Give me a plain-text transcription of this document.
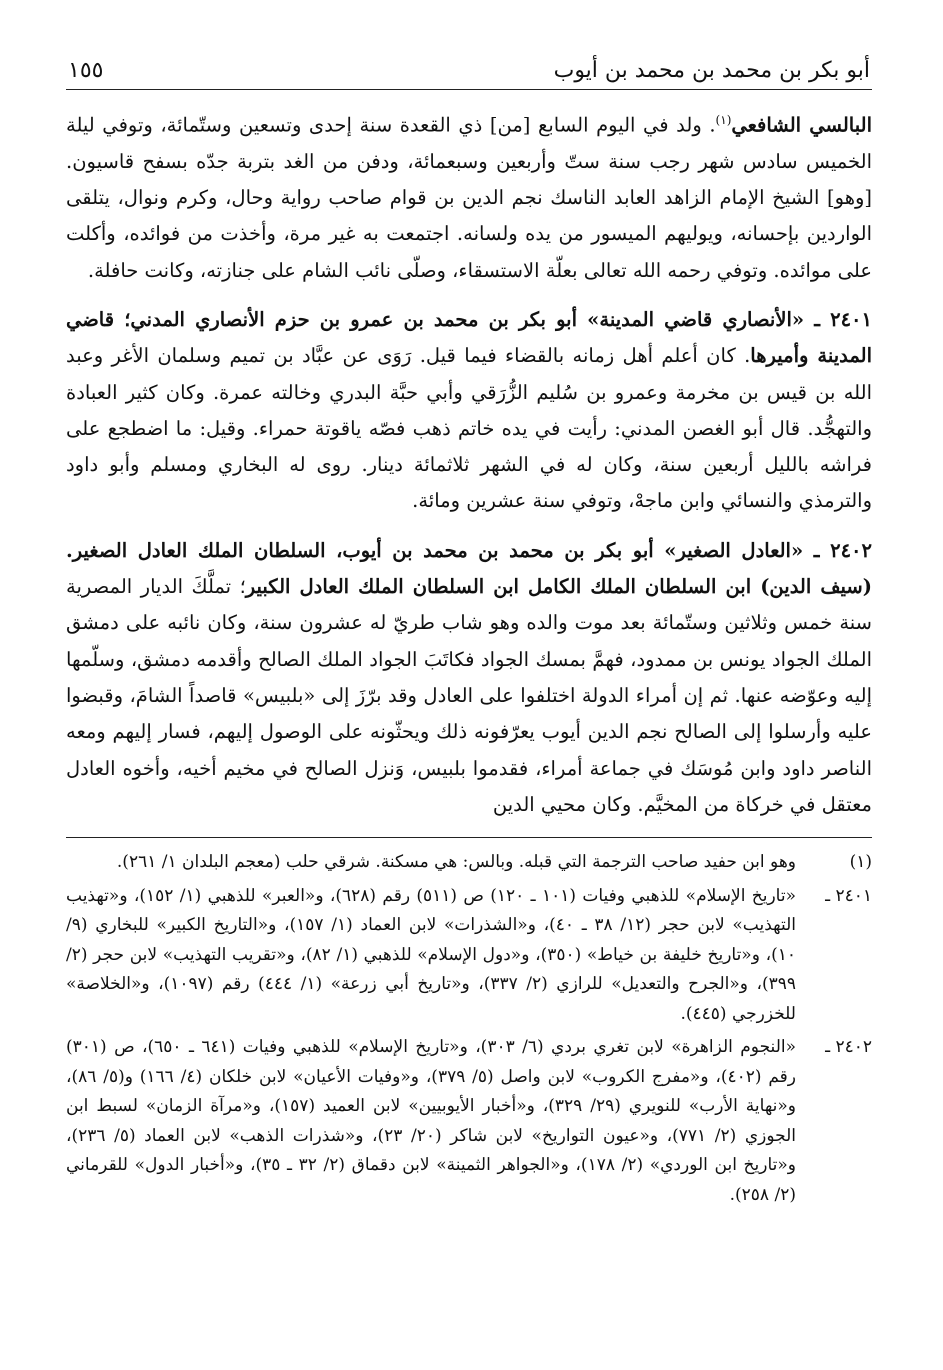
أبو بكر بن محمد بن محمد بن أيوب
١٥٥

البالسي الشافعي$^{(١)}$. ولد في اليوم السابع [من] ذي القعدة سنة إحدى وتسعين وستّمائة، وتوفي ليلة الخميس سادس شهر رجب سنة ستّ وأربعين وسبعمائة، ودفن من الغد بتربة جدّه بسفح قاسيون. [وهو] الشيخ الإمام الزاهد العابد الناسك نجم الدين بن قوام صاحب رواية وحال، وكرم ونوال، يتلقى الواردين بإحسانه، ويوليهم الميسور من يده ولسانه. اجتمعت به غير مرة، وأخذت من فوائده، وأكلت على موائده. وتوفي رحمه الله تعالى بعلّة الاستسقاء، وصلّى نائب الشام على جنازته، وكانت حافلة.

٢٤٠١ ـ «الأنصاري قاضي المدينة» أبو بكر بن محمد بن عمرو بن حزم الأنصاري المدني؛ قاضي المدينة وأميرها. كان أعلم أهل زمانه بالقضاء فيما قيل. رَوَى عن عبَّاد بن تميم وسلمان الأغر وعبد الله بن قيس بن مخرمة وعمرو بن سُليم الزُّرَقي وأبي حبَّة البدري وخالته عمرة. وكان كثير العبادة والتهجُّد. قال أبو الغصن المدني: رأيت في يده خاتم ذهب فصّه ياقوتة حمراء. وقيل: ما اضطجع على فراشه بالليل أربعين سنة، وكان له في الشهر ثلاثمائة دينار. روى له البخاري ومسلم وأبو داود والترمذي والنسائي وابن ماجهْ، وتوفي سنة عشرين ومائة.

٢٤٠٢ ـ «العادل الصغير» أبو بكر بن محمد بن محمد بن أيوب، السلطان الملك العادل الصغير. (سيف الدين) ابن السلطان الملك الكامل ابن السلطان الملك العادل الكبير؛ تملَّكَ الديار المصرية سنة خمس وثلاثين وستّمائة بعد موت والده وهو شاب طريّ له عشرون سنة، وكان نائبه على دمشق الملك الجواد يونس بن ممدود، فهمَّ بمسك الجواد فكاتَبَ الجواد الملك الصالح وأقدمه دمشق، وسلّمها إليه وعوّضه عنها. ثم إن أمراء الدولة اختلفوا على العادل وقد برّزَ إلى «بلبيس» قاصداً الشامَ، وقبضوا عليه وأرسلوا إلى الصالح نجم الدين أيوب يعرّفونه ذلك ويحثّونه على الوصول إليهم، فسار إليهم ومعه الناصر داود وابن مُوسَك في جماعة أمراء، فقدموا بلبيس، وَنزل الصالح في مخيم أخيه، وأخوه العادل معتقل في خركاة من المخيَّم. وكان محيي الدين

(١)
وهو ابن حفيد صاحب الترجمة التي قبله. وبالس: هي مسكنة. شرقي حلب (معجم البلدان ١/ ٢٦١).
٢٤٠١ ـ
«تاريخ الإسلام» للذهبي وفيات (١٠١ ـ ١٢٠) ص (٥١١) رقم (٦٢٨)، و«العبر» للذهبي (١/ ١٥٢)، و«تهذيب التهذيب» لابن حجر (١٢/ ٣٨ ـ ٤٠)، و«الشذرات» لابن العماد (١/ ١٥٧)، و«التاريخ الكبير» للبخاري (٩/ ١٠)، و«تاريخ خليفة بن خياط» (٣٥٠)، و«دول الإسلام» للذهبي (١/ ٨٢)، و«تقريب التهذيب» لابن حجر (٢/ ٣٩٩)، و«الجرح والتعديل» للرازي (٢/ ٣٣٧)، و«تاريخ أبي زرعة» (١/ ٤٤٤) رقم (١٠٩٧)، و«الخلاصة» للخزرجي (٤٤٥).
٢٤٠٢ ـ
«النجوم الزاهرة» لابن تغري بردي (٦/ ٣٠٣)، و«تاريخ الإسلام» للذهبي وفيات (٦٤١ ـ ٦٥٠)، ص (٣٠١) رقم (٤٠٢)، و«مفرج الكروب» لابن واصل (٥/ ٣٧٩)، و«وفيات الأعيان» لابن خلكان (٤/ ١٦٦) و(٥/ ٨٦)، و«نهاية الأرب» للنويري (٢٩/ ٣٢٩)، و«أخبار الأيوبيين» لابن العميد (١٥٧)، و«مرآة الزمان» لسبط ابن الجوزي (٢/ ٧٧١)، و«عيون التواريخ» لابن شاكر (٢٠/ ٢٣)، و«شذرات الذهب» لابن العماد (٥/ ٢٣٦)، و«تاريخ ابن الوردي» (٢/ ١٧٨)، و«الجواهر الثمينة» لابن دقماق (٢/ ٣٢ ـ ٣٥)، و«أخبار الدول» للقرماني (٢/ ٢٥٨).
